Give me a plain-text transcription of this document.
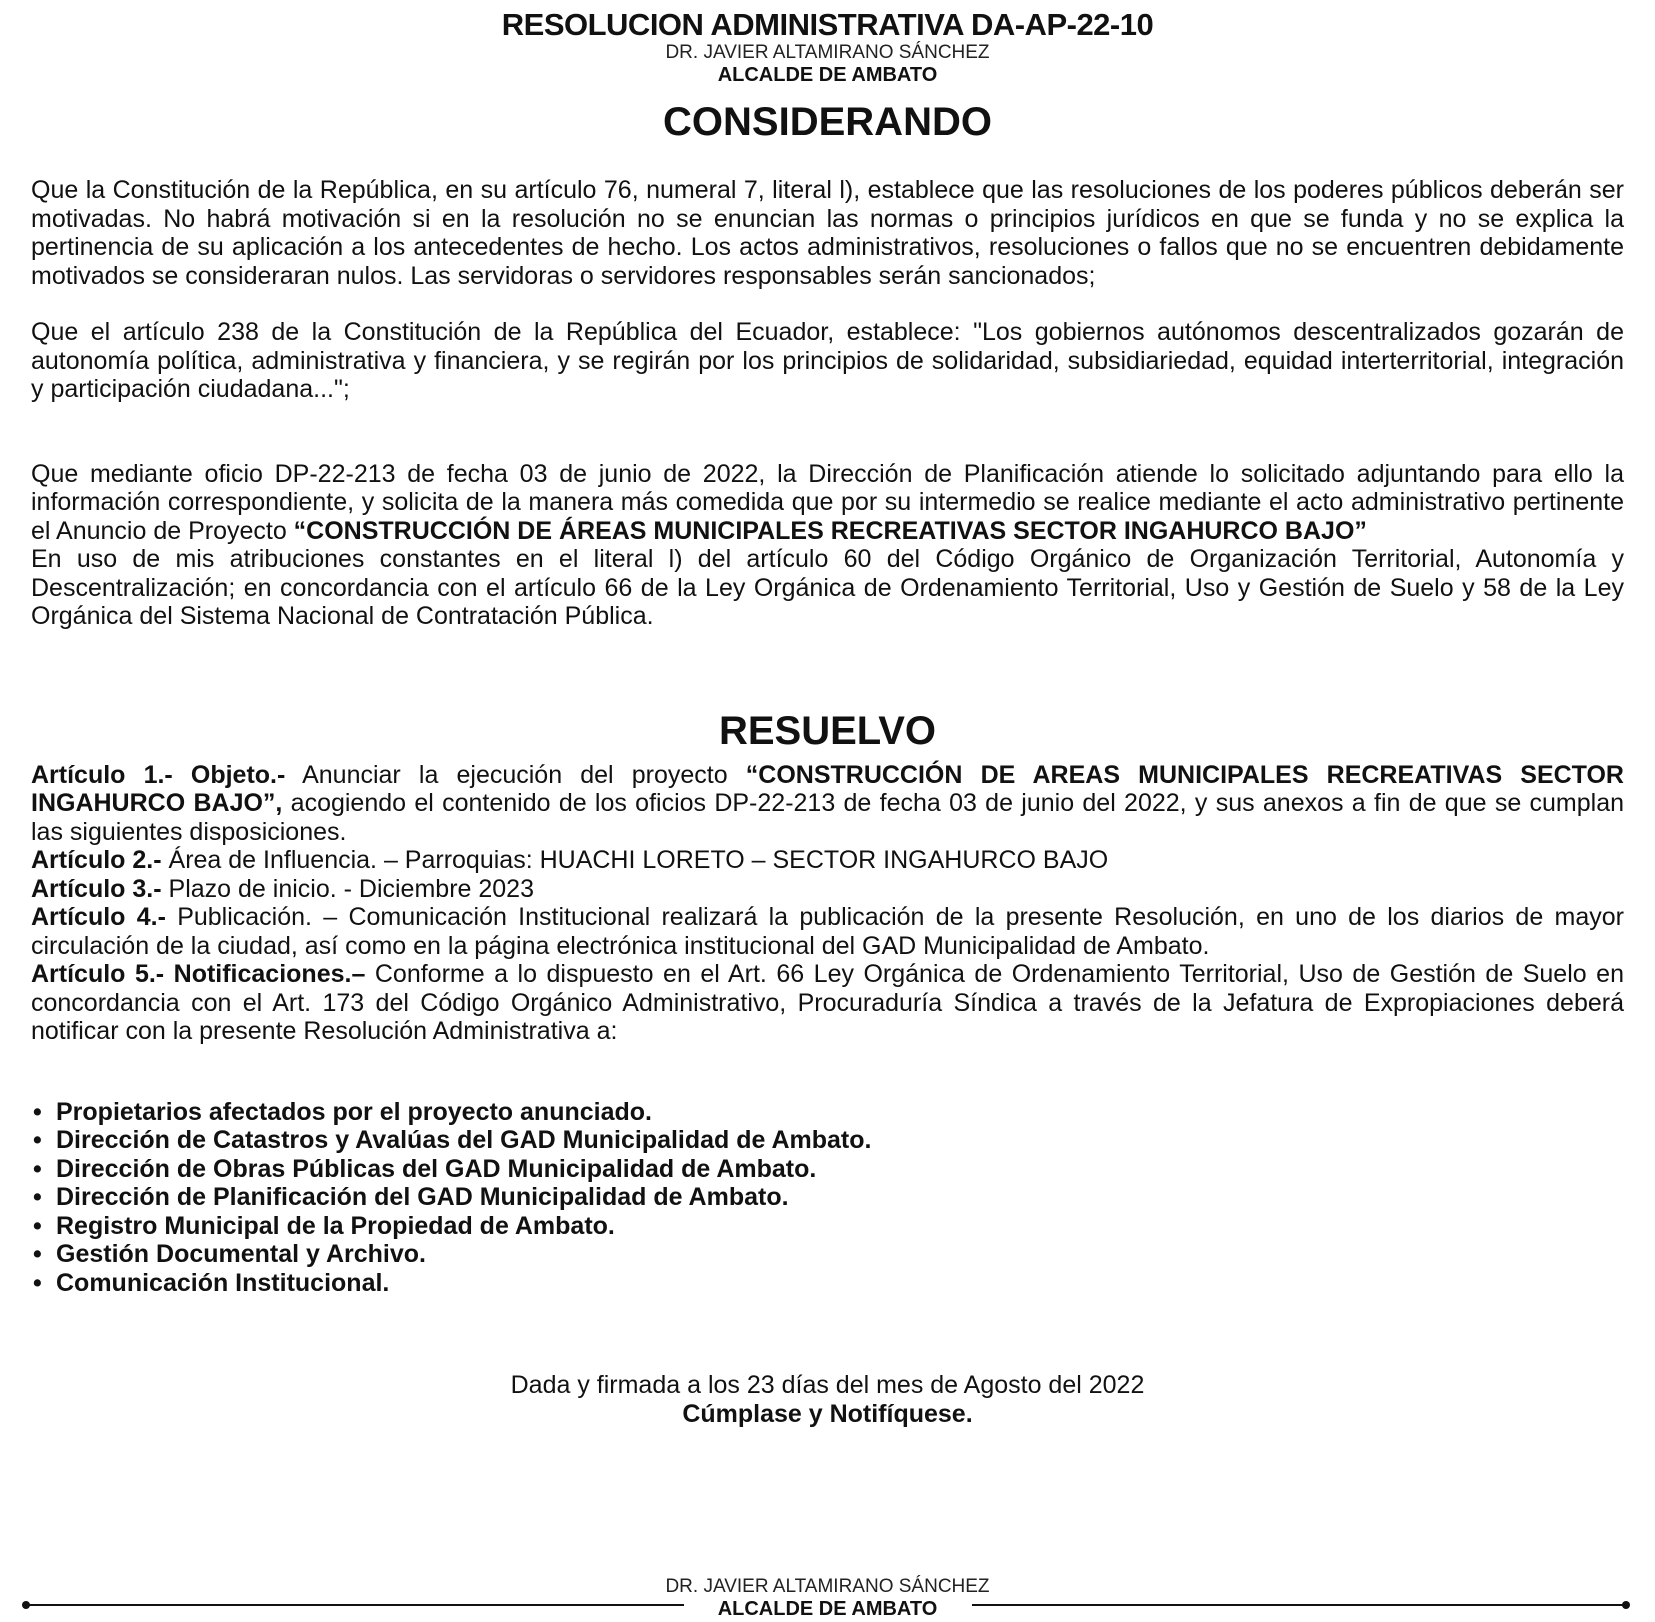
RESOLUCION ADMINISTRATIVA DA-AP-22-10
DR. JAVIER ALTAMIRANO SÁNCHEZ
ALCALDE DE AMBATO
CONSIDERANDO

Que la Constitución de la República, en su artículo 76, numeral 7, literal l), establece que las resoluciones de los poderes públicos deberán ser motivadas. No habrá motivación si en la resolución no se enuncian las normas o principios jurídicos en que se funda y no se explica la pertinencia de su aplicación a los antecedentes de hecho. Los actos administrativos, resoluciones o fallos que no se encuentren debidamente motivados se consideraran nulos. Las servidoras o servidores responsables serán sancionados;

Que el artículo 238 de la Constitución de la República del Ecuador, establece: "Los gobiernos autónomos descentralizados gozarán de autonomía política, administrativa y financiera, y se regirán por los principios de solidaridad, subsidiariedad, equidad interterritorial, integración y participación ciudadana...";

Que mediante oficio DP-22-213 de fecha 03 de junio de 2022, la Dirección de Planificación atiende lo solicitado adjuntando para ello la información correspondiente, y solicita de la manera más comedida que por su intermedio se realice mediante el acto administrativo pertinente el Anuncio de Proyecto “CONSTRUCCIÓN DE ÁREAS MUNICIPALES RECREATIVAS SECTOR INGAHURCO BAJO”

En uso de mis atribuciones constantes en el literal l) del artículo 60 del Código Orgánico de Organización Territorial, Autonomía y Descentralización; en concordancia con el artículo 66 de la Ley Orgánica de Ordenamiento Territorial, Uso y Gestión de Suelo y 58 de la Ley Orgánica del Sistema Nacional de Contratación Pública.

RESUELVO

Artículo 1.- Objeto.- Anunciar la ejecución del proyecto “CONSTRUCCIÓN DE AREAS MUNICIPALES RECREATIVAS SECTOR INGAHURCO BAJO”, acogiendo el contenido de los oficios DP-22-213 de fecha 03 de junio del 2022, y sus anexos a fin de que se cumplan las siguientes disposiciones.

Artículo 2.- Área de Influencia. – Parroquias: HUACHI LORETO – SECTOR INGAHURCO BAJO

Artículo 3.- Plazo de inicio. - Diciembre 2023

Artículo 4.- Publicación. – Comunicación Institucional realizará la publicación de la presente Resolución, en uno de los diarios de mayor circulación de la ciudad, así como en la página electrónica institucional del GAD Municipalidad de Ambato.

Artículo 5.- Notificaciones.– Conforme a lo dispuesto en el Art. 66 Ley Orgánica de Ordenamiento Territorial, Uso de Gestión de Suelo en concordancia con el Art. 173 del Código Orgánico Administrativo, Procuraduría Síndica a través de la Jefatura de Expropiaciones deberá notificar con la presente Resolución Administrativa a:

• Propietarios afectados por el proyecto anunciado.
• Dirección de Catastros y Avalúas del GAD Municipalidad de Ambato.
• Dirección de Obras Públicas del GAD Municipalidad de Ambato.
• Dirección de Planificación del GAD Municipalidad de Ambato.
• Registro Municipal de la Propiedad de Ambato.
• Gestión Documental y Archivo.
• Comunicación Institucional.
Dada y firmada a los 23 días del mes de Agosto del 2022
Cúmplase y Notifíquese.
DR. JAVIER ALTAMIRANO SÁNCHEZ
ALCALDE DE AMBATO
